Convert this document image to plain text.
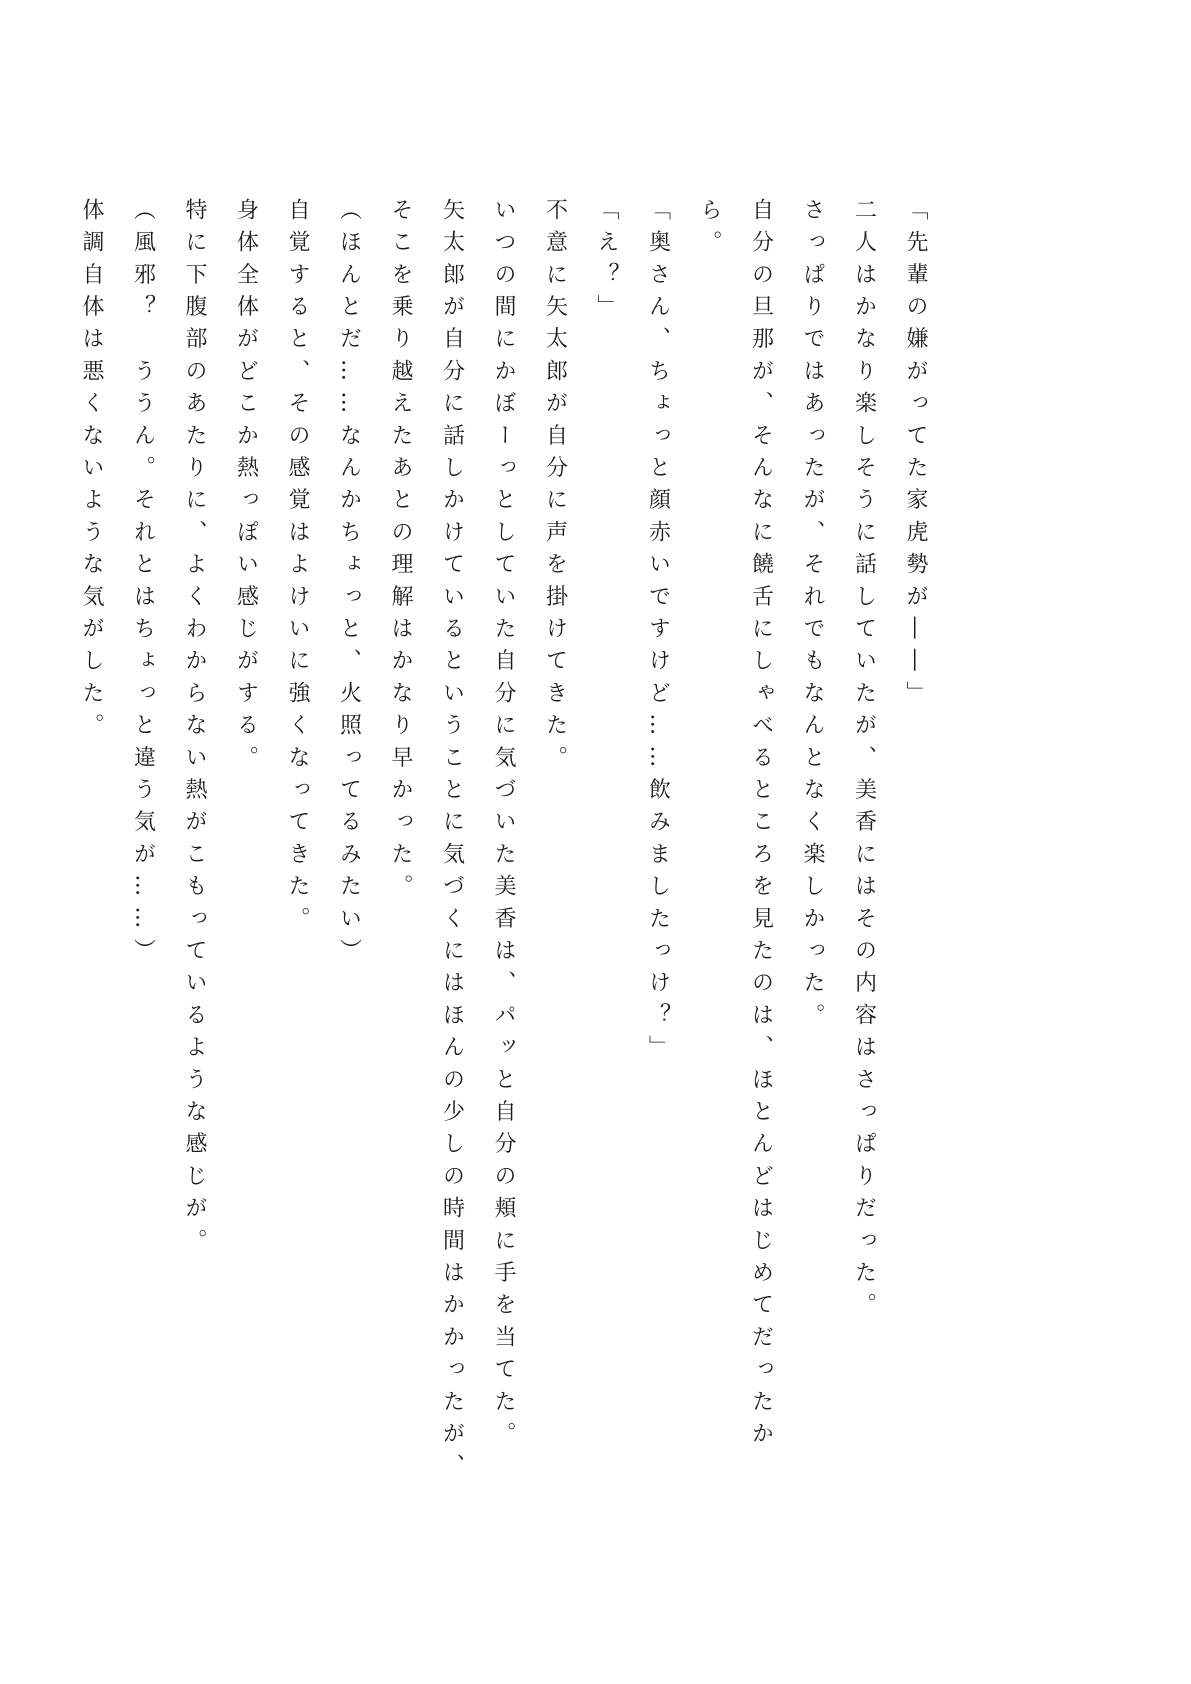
「先輩の嫌がってた家虎勢が――」

二人はかなり楽しそうに話していたが、美香にはその内容はさっぱりだった。

さっぱりではあったが、それでもなんとなく楽しかった。

自分の旦那が、そんなに饒舌にしゃべるところを見たのは、ほとんどはじめてだったから。

「奥さん、ちょっと顔赤いですけど……飲みましたっけ？」

「え？」

不意に矢太郎が自分に声を掛けてきた。

いつの間にかぼーっとしていた自分に気づいた美香は、パッと自分の頬に手を当てた。

矢太郎が自分に話しかけているということに気づくにはほんの少しの時間はかかったが、そこを乗り越えたあとの理解はかなり早かった。

（ほんとだ……なんかちょっと、火照ってるみたい）

自覚すると、その感覚はよけいに強くなってきた。

身体全体がどこか熱っぽい感じがする。

特に下腹部のあたりに、よくわからない熱がこもっているような感じが。

（風邪？　ううん。それとはちょっと違う気が……）

体調自体は悪くないような気がした。
